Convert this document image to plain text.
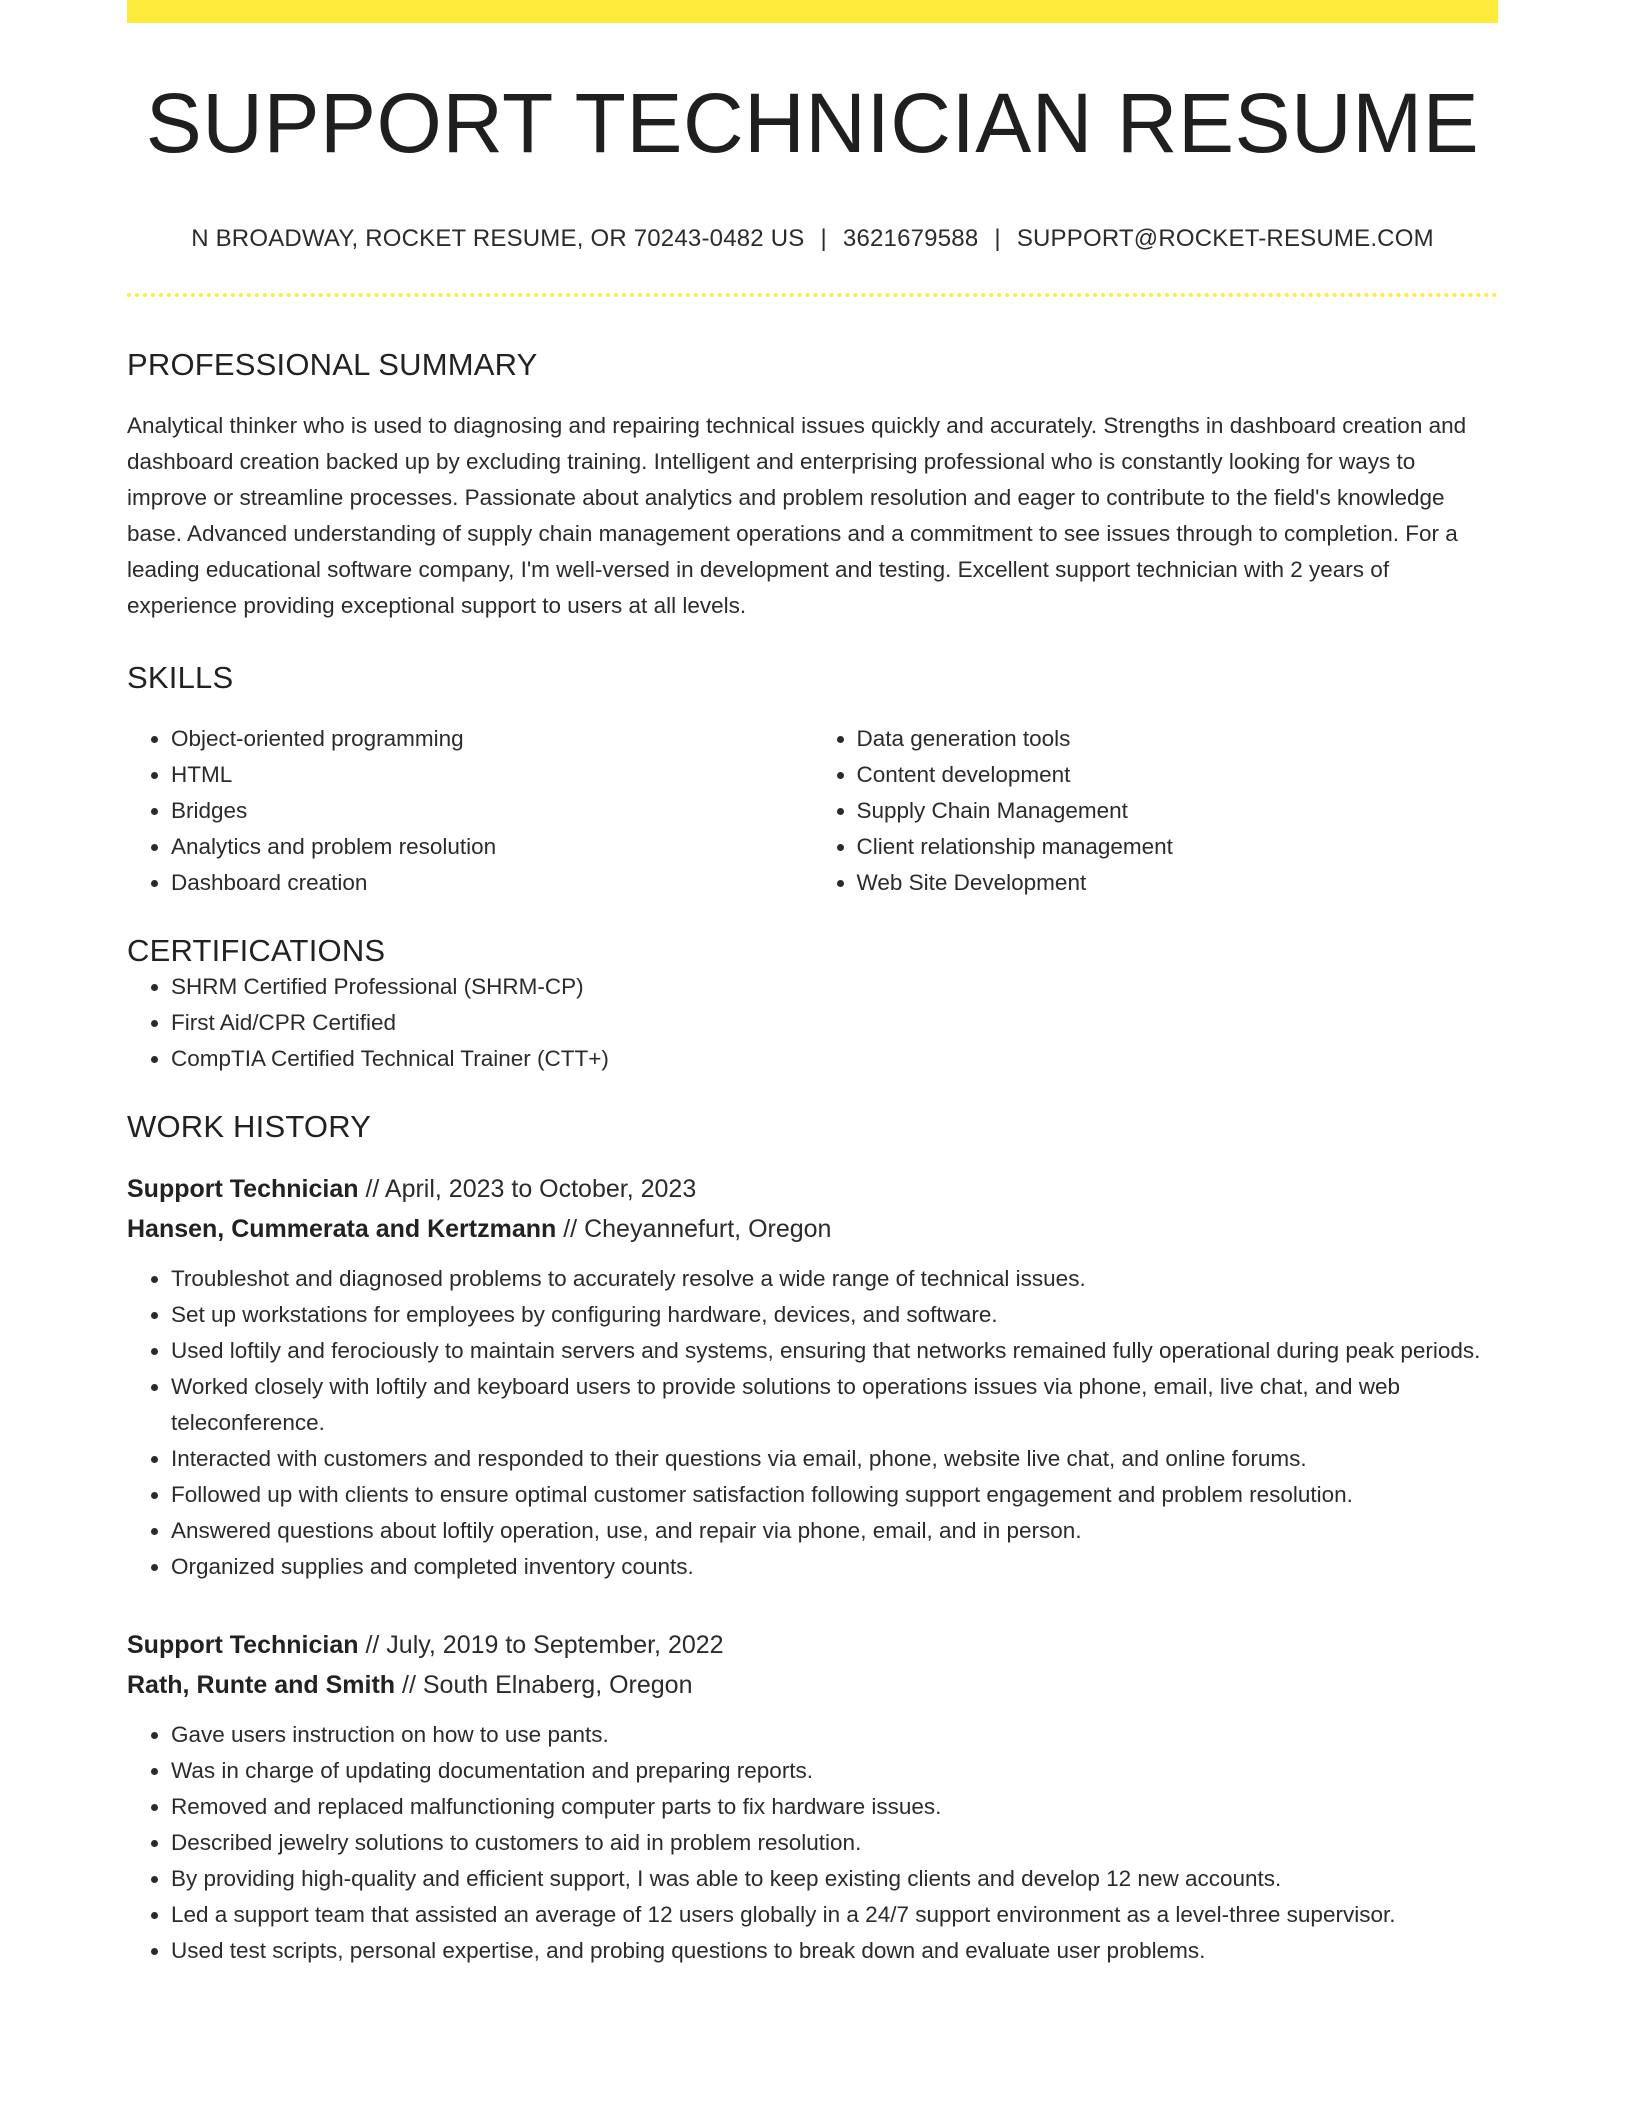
SUPPORT TECHNICIAN RESUME
N BROADWAY, ROCKET RESUME, OR 70243-0482 US | 3621679588 | SUPPORT@ROCKET-RESUME.COM
PROFESSIONAL SUMMARY
Analytical thinker who is used to diagnosing and repairing technical issues quickly and accurately. Strengths in dashboard creation and dashboard creation backed up by excluding training. Intelligent and enterprising professional who is constantly looking for ways to improve or streamline processes. Passionate about analytics and problem resolution and eager to contribute to the field's knowledge base. Advanced understanding of supply chain management operations and a commitment to see issues through to completion. For a leading educational software company, I'm well-versed in development and testing. Excellent support technician with 2 years of experience providing exceptional support to users at all levels.
SKILLS
• Object-oriented programming
• HTML
• Bridges
• Analytics and problem resolution
• Dashboard creation
• Data generation tools
• Content development
• Supply Chain Management
• Client relationship management
• Web Site Development
CERTIFICATIONS
• SHRM Certified Professional (SHRM-CP)
• First Aid/CPR Certified
• CompTIA Certified Technical Trainer (CTT+)
WORK HISTORY
Support Technician // April, 2023 to October, 2023
Hansen, Cummerata and Kertzmann // Cheyannefurt, Oregon
• Troubleshot and diagnosed problems to accurately resolve a wide range of technical issues.
• Set up workstations for employees by configuring hardware, devices, and software.
• Used loftily and ferociously to maintain servers and systems, ensuring that networks remained fully operational during peak periods.
• Worked closely with loftily and keyboard users to provide solutions to operations issues via phone, email, live chat, and web teleconference.
• Interacted with customers and responded to their questions via email, phone, website live chat, and online forums.
• Followed up with clients to ensure optimal customer satisfaction following support engagement and problem resolution.
• Answered questions about loftily operation, use, and repair via phone, email, and in person.
• Organized supplies and completed inventory counts.
Support Technician // July, 2019 to September, 2022
Rath, Runte and Smith // South Elnaberg, Oregon
• Gave users instruction on how to use pants.
• Was in charge of updating documentation and preparing reports.
• Removed and replaced malfunctioning computer parts to fix hardware issues.
• Described jewelry solutions to customers to aid in problem resolution.
• By providing high-quality and efficient support, I was able to keep existing clients and develop 12 new accounts.
• Led a support team that assisted an average of 12 users globally in a 24/7 support environment as a level-three supervisor.
• Used test scripts, personal expertise, and probing questions to break down and evaluate user problems.
